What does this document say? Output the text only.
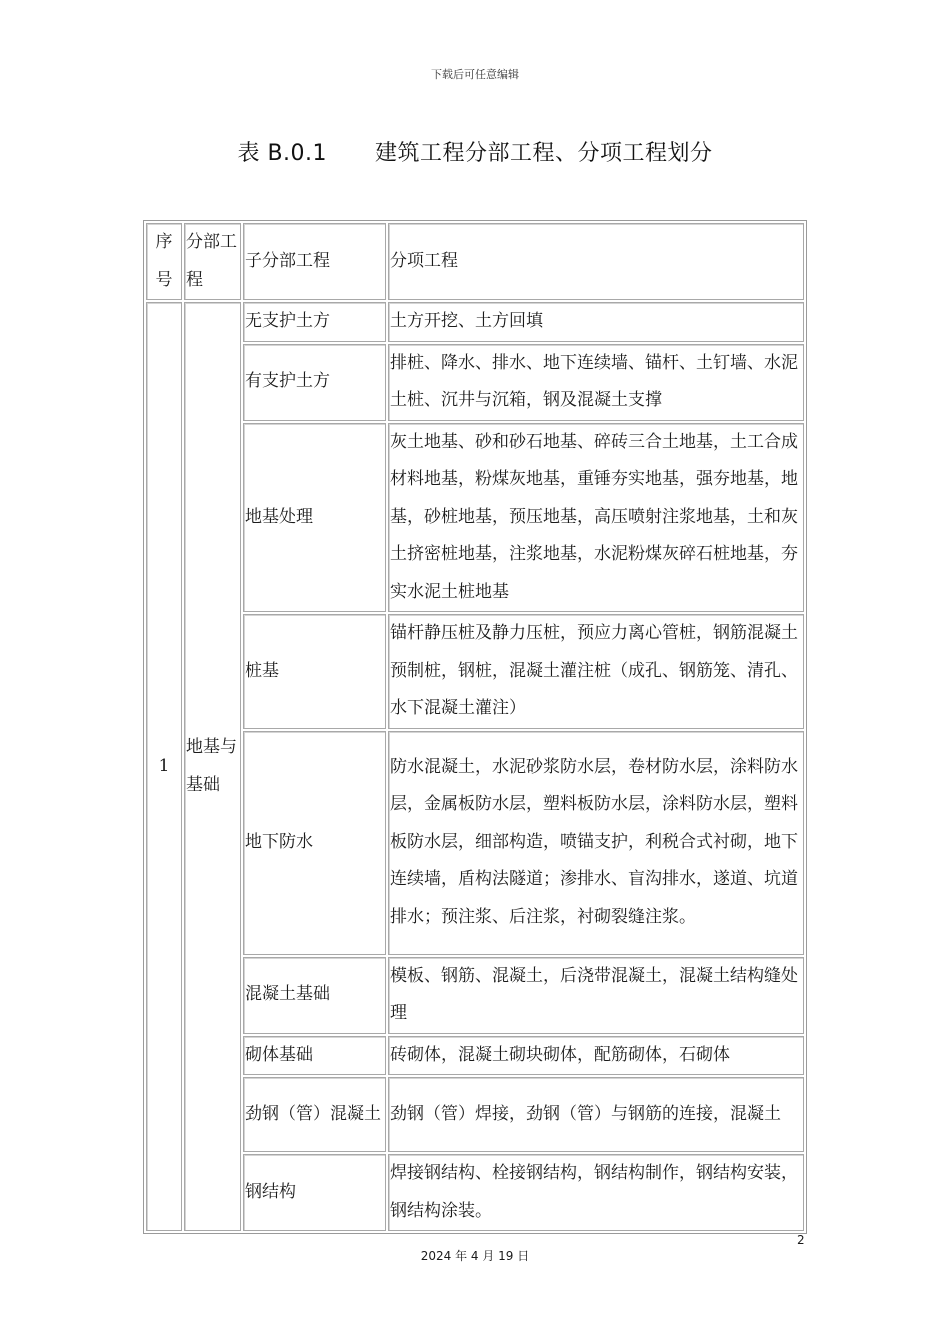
下载后可任意编辑
表 B.0.1 建筑工程分部工程、分项工程划分
序号	分部工程	子分部工程	分项工程
1	地基与基础	无支护土方	土方开挖、土方回填
		有支护土方	排桩、降水、排水、地下连续墙、锚杆、土钉墙、水泥土桩、沉井与沉箱，钢及混凝土支撑
		地基处理	灰土地基、砂和砂石地基、碎砖三合土地基，土工合成材料地基，粉煤灰地基，重锤夯实地基，强夯地基，地基，砂桩地基，预压地基，高压喷射注浆地基，土和灰土挤密桩地基，注浆地基，水泥粉煤灰碎石桩地基，夯实水泥土桩地基
		桩基	锚杆静压桩及静力压桩，预应力离心管桩，钢筋混凝土预制桩，钢桩，混凝土灌注桩（成孔、钢筋笼、清孔、水下混凝土灌注）
		地下防水	防水混凝土，水泥砂浆防水层，卷材防水层，涂料防水层，金属板防水层，塑料板防水层，涂料防水层，塑料板防水层，细部构造，喷锚支护，利税合式衬砌，地下连续墙，盾构法隧道；渗排水、盲沟排水，遂道、坑道排水；预注浆、后注浆，衬砌裂缝注浆。
		混凝土基础	模板、钢筋、混凝土，后浇带混凝土，混凝土结构缝处理
		砌体基础	砖砌体，混凝土砌块砌体，配筋砌体，石砌体
		劲钢（管）混凝土	劲钢（管）焊接，劲钢（管）与钢筋的连接，混凝土
		钢结构	焊接钢结构、栓接钢结构，钢结构制作，钢结构安装，钢结构涂装。
2
2024 年 4 月 19 日
